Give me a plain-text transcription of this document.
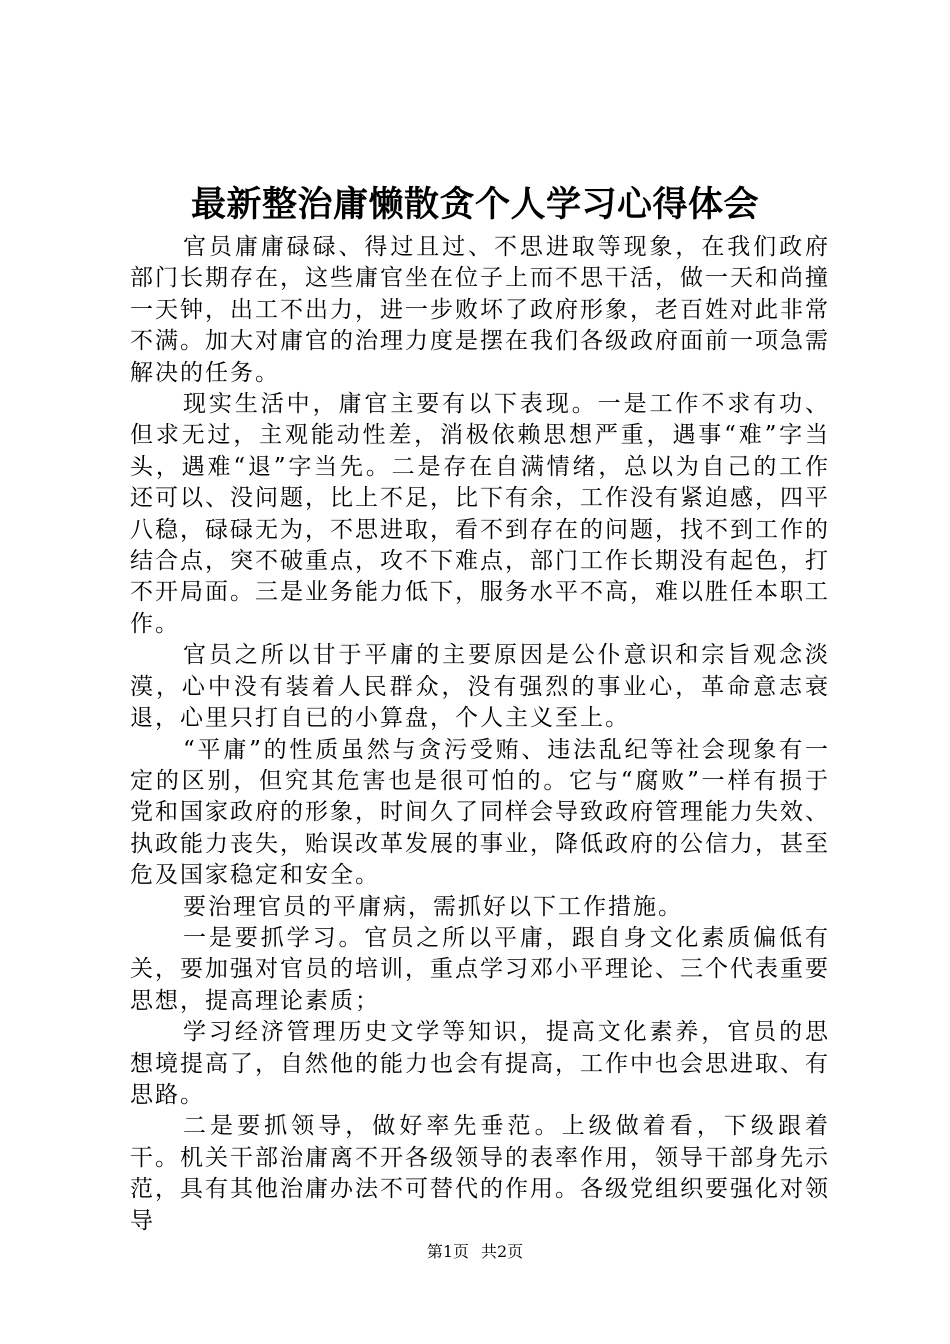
最新整治庸懒散贪个人学习心得体会

官员庸庸碌碌、得过且过、不思进取等现象，在我们政府部门长期存在，这些庸官坐在位子上而不思干活，做一天和尚撞一天钟，出工不出力，进一步败坏了政府形象，老百姓对此非常不满。加大对庸官的治理力度是摆在我们各级政府面前一项急需解决的任务。

现实生活中，庸官主要有以下表现。一是工作不求有功、但求无过，主观能动性差，消极依赖思想严重，遇事“难”字当头，遇难“退”字当先。二是存在自满情绪，总以为自己的工作还可以、没问题，比上不足，比下有余，工作没有紧迫感，四平八稳，碌碌无为，不思进取，看不到存在的问题，找不到工作的结合点，突不破重点，攻不下难点，部门工作长期没有起色，打不开局面。三是业务能力低下，服务水平不高，难以胜任本职工作。

官员之所以甘于平庸的主要原因是公仆意识和宗旨观念淡漠，心中没有装着人民群众，没有强烈的事业心，革命意志衰退，心里只打自已的小算盘，个人主义至上。

“平庸”的性质虽然与贪污受贿、违法乱纪等社会现象有一定的区别，但究其危害也是很可怕的。它与“腐败”一样有损于党和国家政府的形象，时间久了同样会导致政府管理能力失效、执政能力丧失，贻误改革发展的事业，降低政府的公信力，甚至危及国家稳定和安全。

要治理官员的平庸病，需抓好以下工作措施。

一是要抓学习。官员之所以平庸，跟自身文化素质偏低有关，要加强对官员的培训，重点学习邓小平理论、三个代表重要思想，提高理论素质；

学习经济管理历史文学等知识，提高文化素养，官员的思想境提高了，自然他的能力也会有提高，工作中也会思进取、有思路。

二是要抓领导，做好率先垂范。上级做着看，下级跟着干。机关干部治庸离不开各级领导的表率作用，领导干部身先示范，具有其他治庸办法不可替代的作用。各级党组织要强化对领导

第1页 共2页
